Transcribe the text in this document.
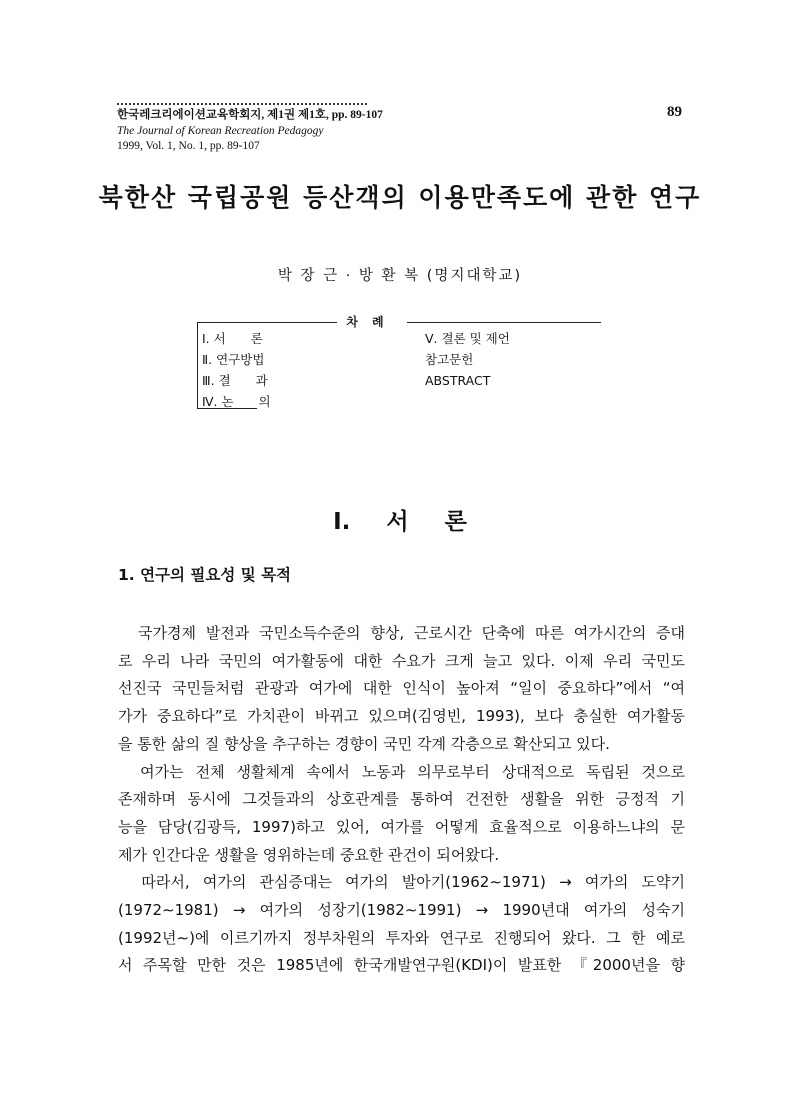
한국레크리에이션교육학회지, 제1권 제1호, pp. 89-107
The Journal of Korean Recreation Pedagogy
1999, Vol. 1, No. 1, pp. 89-107
89
북한산 국립공원 등산객의 이용만족도에 관한 연구
박 장 근 · 방 환 복 (명지대학교)
차례
Ⅰ. 서　　론
Ⅱ. 연구방법
Ⅲ. 결　　과
Ⅳ. 논　　의
Ⅴ. 결론 및 제언
참고문헌
ABSTRACT
Ⅰ. 서 론
1. 연구의 필요성 및 목적
　국가경제 발전과 국민소득수준의 향상, 근로시간 단축에 따른 여가시간의 증대
로 우리 나라 국민의 여가활동에 대한 수요가 크게 늘고 있다. 이제 우리 국민도
선진국 국민들처럼 관광과 여가에 대한 인식이 높아져 “일이 중요하다”에서 “여
가가 중요하다”로 가치관이 바뀌고 있으며(김영빈, 1993), 보다 충실한 여가활동
을 통한 삶의 질 향상을 추구하는 경향이 국민 각계 각층으로 확산되고 있다.
　여가는 전체 생활체계 속에서 노동과 의무로부터 상대적으로 독립된 것으로
존재하며 동시에 그것들과의 상호관계를 통하여 건전한 생활을 위한 긍정적 기
능을 담당(김광득, 1997)하고 있어, 여가를 어떻게 효율적으로 이용하느냐의 문
제가 인간다운 생활을 영위하는데 중요한 관건이 되어왔다.
　따라서, 여가의 관심증대는 여가의 발아기(1962∼1971) → 여가의 도약기
(1972∼1981) → 여가의 성장기(1982∼1991) → 1990년대 여가의 성숙기
(1992년∼)에 이르기까지 정부차원의 투자와 연구로 진행되어 왔다. 그 한 예로
서 주목할 만한 것은 1985년에 한국개발연구원(KDI)이 발표한 『2000년을 향
